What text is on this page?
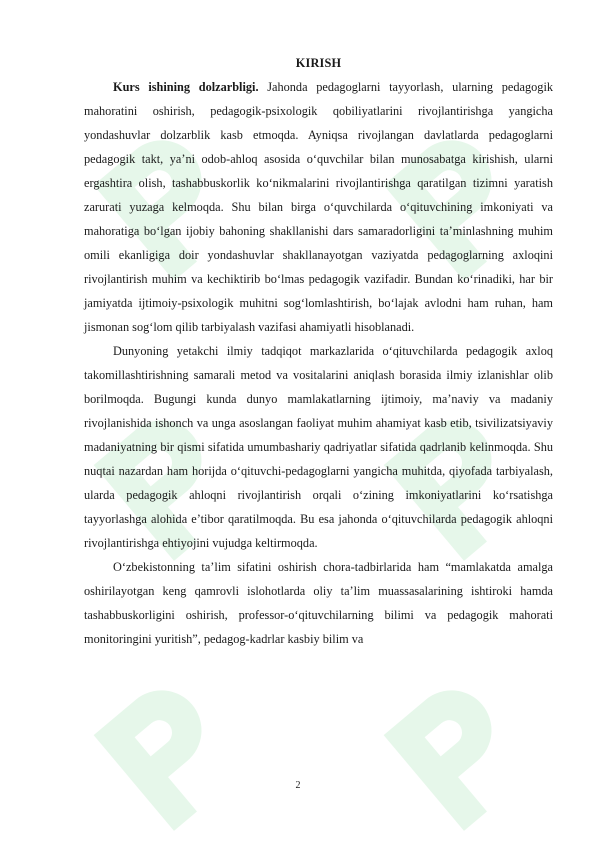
KIRISH

Kurs ishining dolzarbligi. Jahonda pedagoglarni tayyorlash, ularning pedagogik mahoratini oshirish, pedagogik-psixologik qobiliyatlarini rivojlantirishga yangicha yondashuvlar dolzarblik kasb etmoqda. Ayniqsa rivojlangan davlatlarda pedagoglarni pedagogik takt, ya’ni odob-ahloq asosida o‘quvchilar bilan munosabatga kirishish, ularni ergashtira olish, tashabbuskorlik ko‘nikmalarini rivojlantirishga qaratilgan tizimni yaratish zarurati yuzaga kelmoqda. Shu bilan birga o‘quvchilarda o‘qituvchining imkoniyati va mahoratiga bo‘lgan ijobiy bahoning shakllanishi dars samaradorligini ta’minlashning muhim omili ekanligiga doir yondashuvlar shakllanayotgan vaziyatda pedagoglarning axloqini rivojlantirish muhim va kechiktirib bo‘lmas pedagogik vazifadir. Bundan ko‘rinadiki, har bir jamiyatda ijtimoiy-psixologik muhitni sog‘lomlashtirish, bo‘lajak avlodni ham ruhan, ham jismonan sog‘lom qilib tarbiyalash vazifasi ahamiyatli hisoblanadi.

Dunyoning yetakchi ilmiy tadqiqot markazlarida o‘qituvchilarda pedagogik axloq takomillashtirishning samarali metod va vositalarini aniqlash borasida ilmiy izlanishlar olib borilmoqda. Bugungi kunda dunyo mamlakatlarning ijtimoiy, ma’naviy va madaniy rivojlanishida ishonch va unga asoslangan faoliyat muhim ahamiyat kasb etib, tsivilizatsiyaviy madaniyatning bir qismi sifatida umumbashariy qadriyatlar sifatida qadrlanib kelinmoqda. Shu nuqtai nazardan ham horijda o‘qituvchi-pedagoglarni yangicha muhitda, qiyofada tarbiyalash, ularda pedagogik ahloqni rivojlantirish orqali o‘zining imkoniyatlarini ko‘rsatishga tayyorlashga alohida e’tibor qaratilmoqda. Bu esa jahonda o‘qituvchilarda pedagogik ahloqni rivojlantirishga ehtiyojini vujudga keltirmoqda.

O‘zbekistonning ta’lim sifatini oshirish chora-tadbirlarida ham “mamlakatda amalga oshirilayotgan keng qamrovli islohotlarda oliy ta’lim muassasalarining ishtiroki hamda tashabbuskorligini oshirish, professor-o‘qituvchilarning bilimi va pedagogik mahorati monitoringini yuritish”, pedagog-kadrlar kasbiy bilim va

2
